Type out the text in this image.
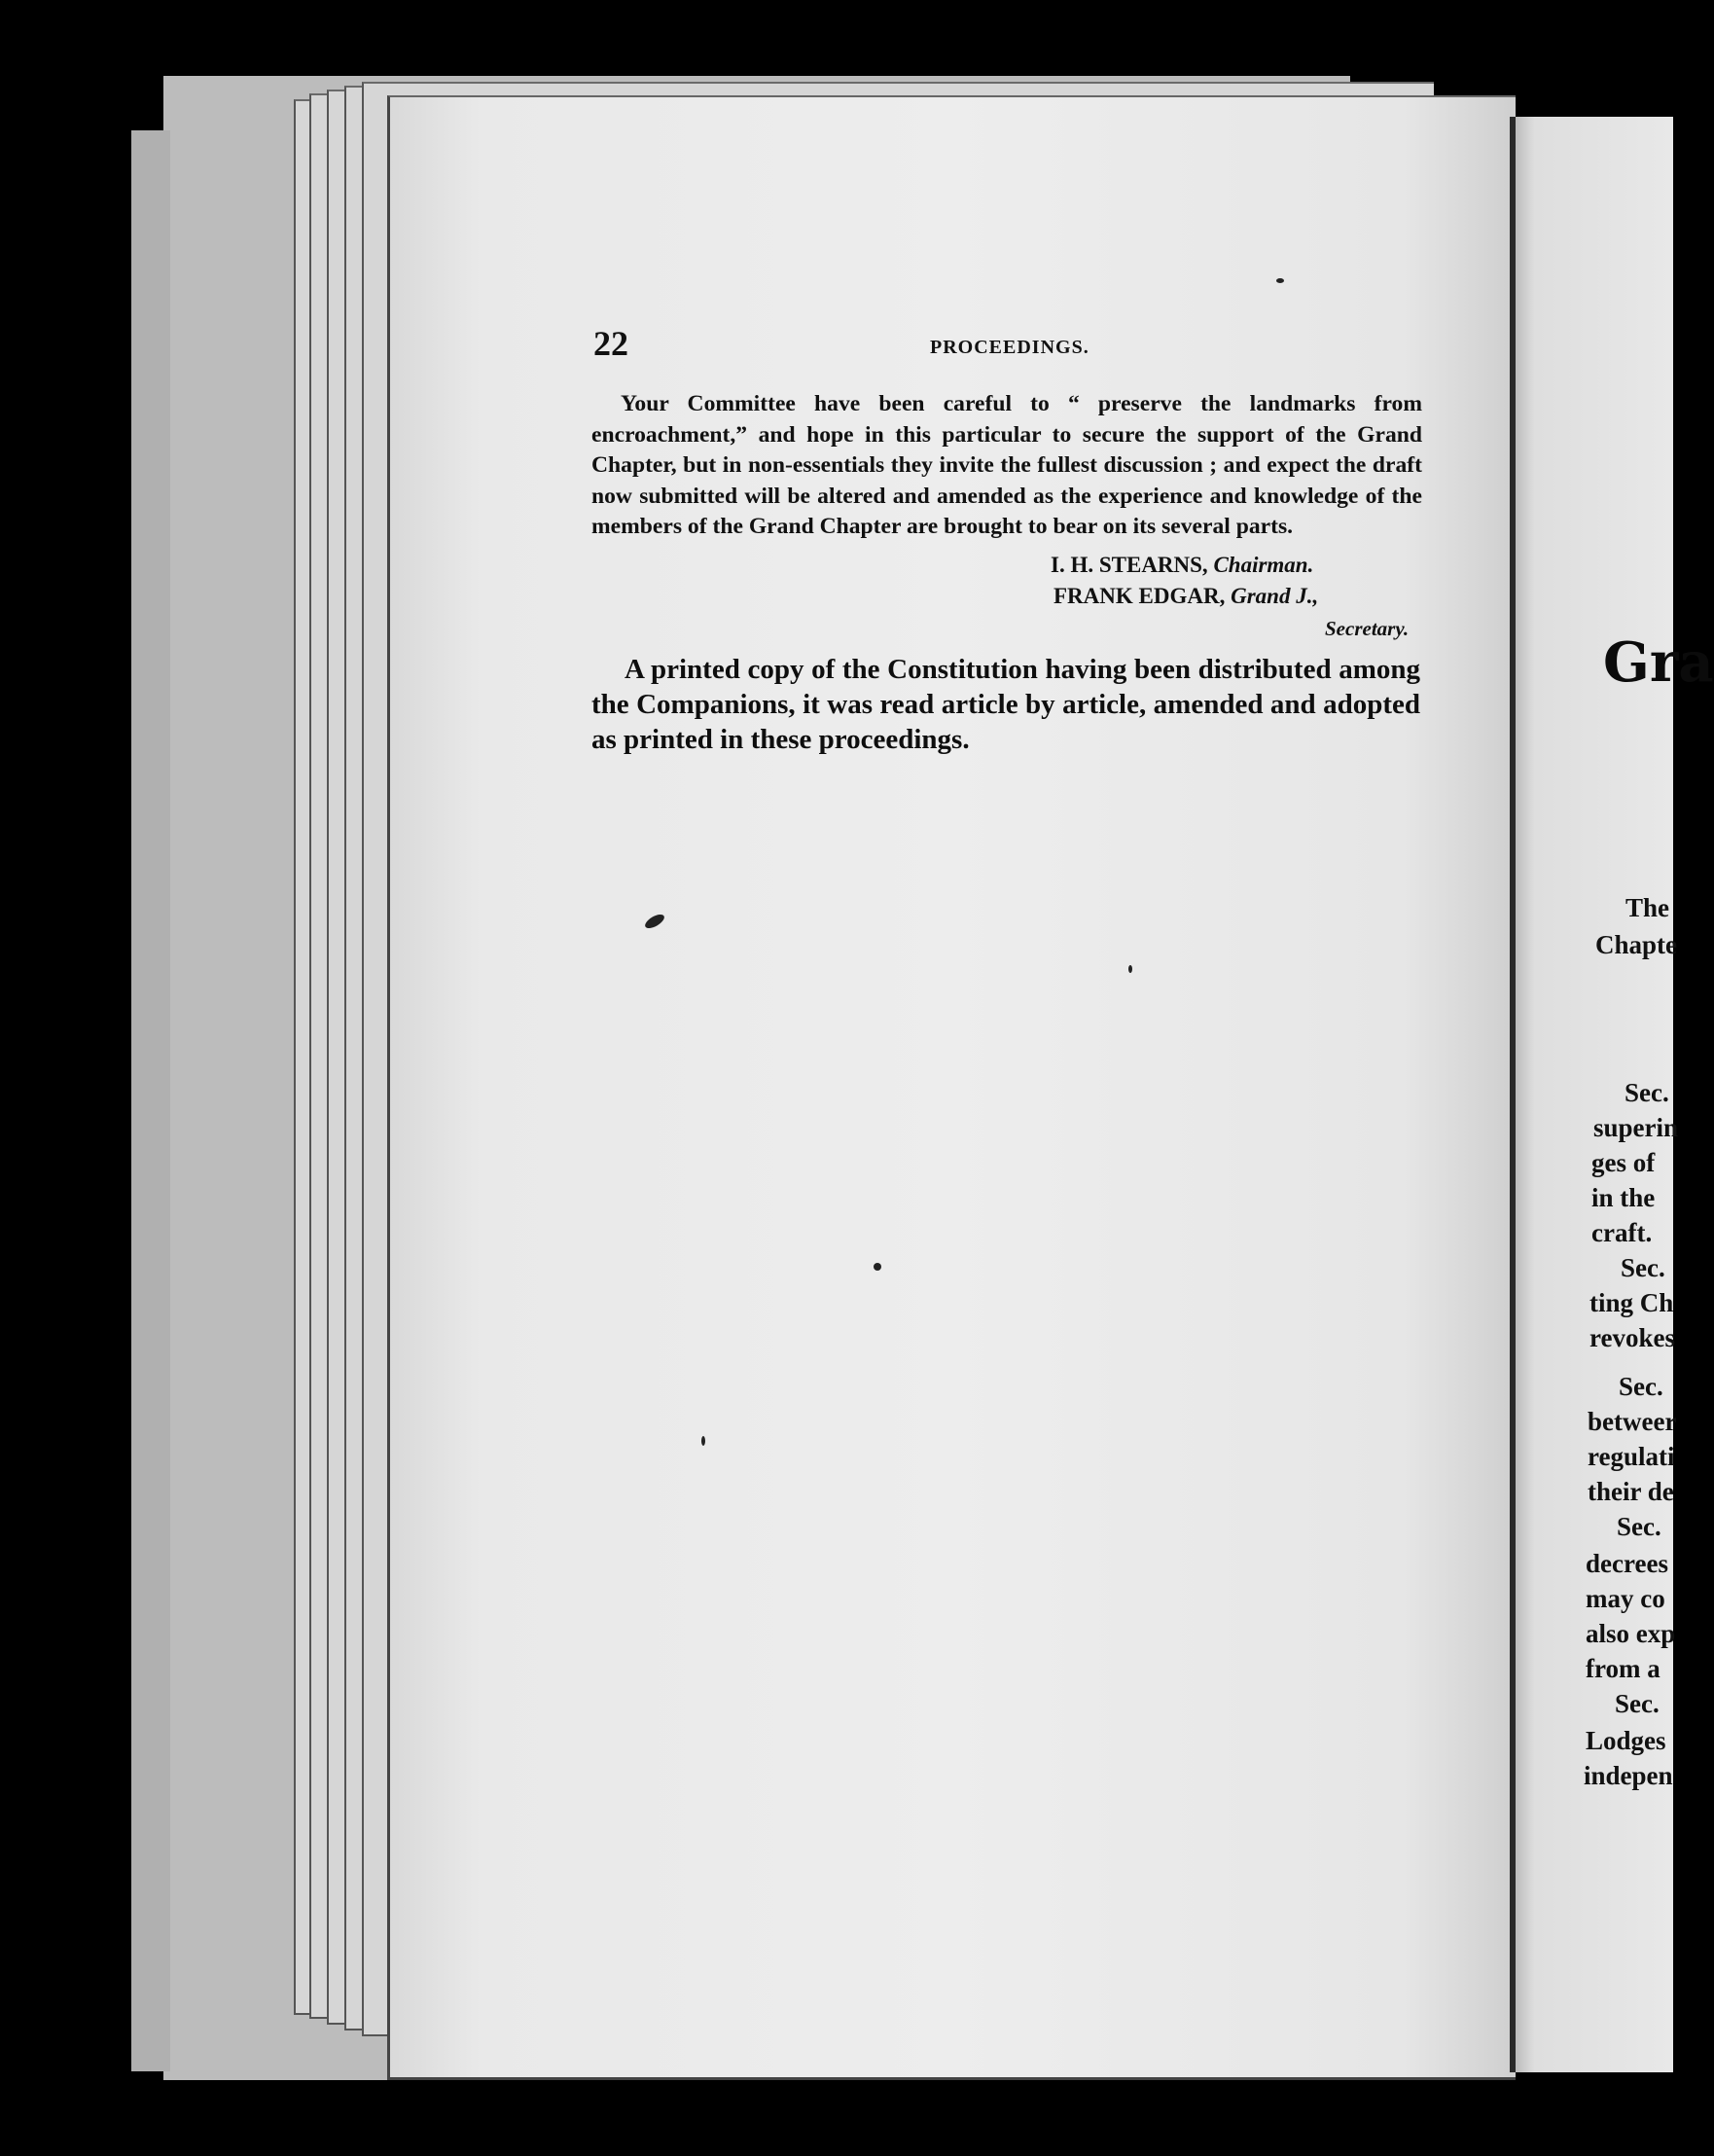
22	PROCEEDINGS.

Your Committee have been careful to “ preserve the landmarks from encroachment,” and hope in this particular to secure the support of the Grand Chapter, but in non-essentials they invite the fullest discussion ; and expect the draft now submitted will be altered and amended as the experience and knowledge of the members of the Grand Chapter are brought to bear on its several parts.

I. H. STEARNS, Chairman.
FRANK EDGAR, Grand J.,
Secretary.

A printed copy of the Constitution having been distributed among the Companions, it was read article by article, amended and adopted as printed in these proceedings.

Gra
The
Chapte
Sec.
superin
ges of
in the
craft.
Sec.
ting Ch
revokes
Sec.
betweer
regulati
their de
Sec.
decrees
may co
also exp
from a
Sec.
Lodges
indepen
